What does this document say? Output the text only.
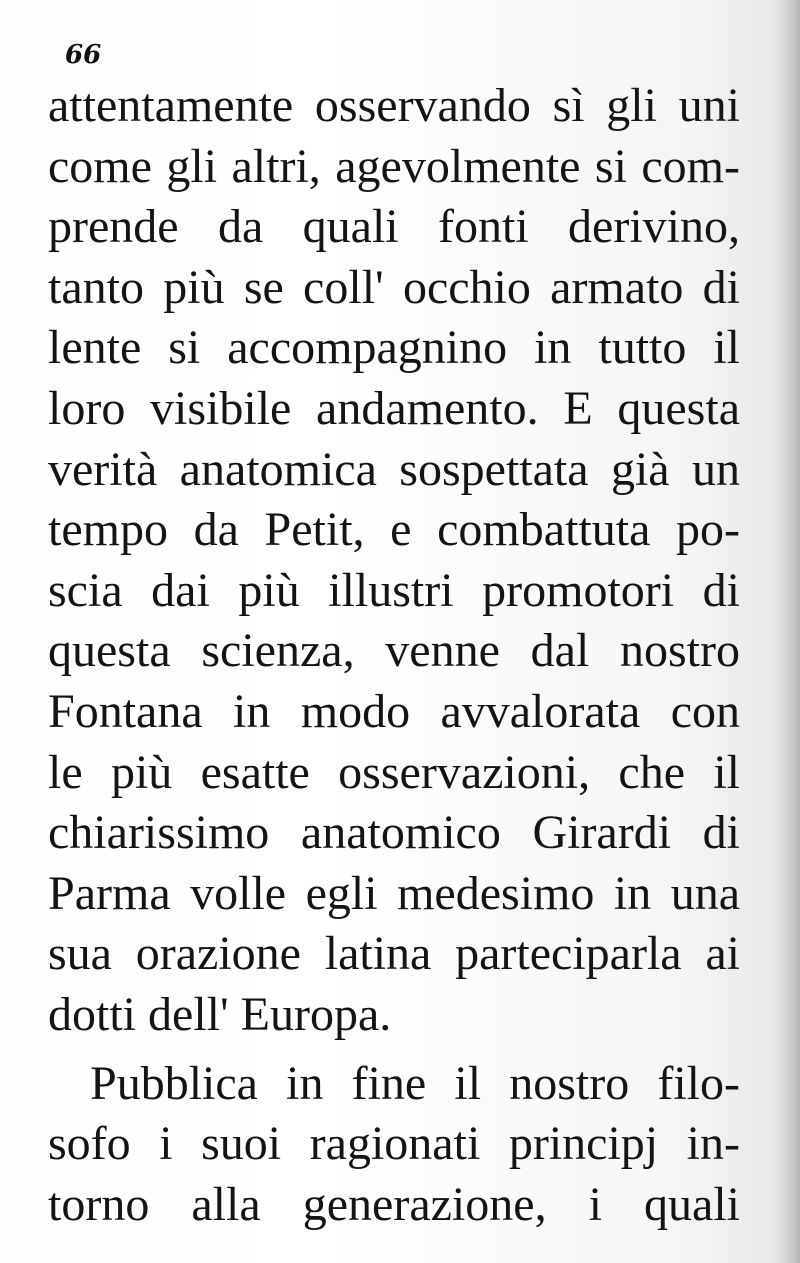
66
attentamente osservando sì gli uni
come gli altri, agevolmente si com-
prende da quali fonti derivino,
tanto più se coll' occhio armato di
lente si accompagnino in tutto il
loro visibile andamento. E questa
verità anatomica sospettata già un
tempo da Petit, e combattuta po-
scia dai più illustri promotori di
questa scienza, venne dal nostro
Fontana in modo avvalorata con
le più esatte osservazioni, che il
chiarissimo anatomico Girardi di
Parma volle egli medesimo in una
sua orazione latina parteciparla ai
dotti dell' Europa.
Pubblica in fine il nostro filo-
sofo i suoi ragionati principj in-
torno alla generazione, i quali
